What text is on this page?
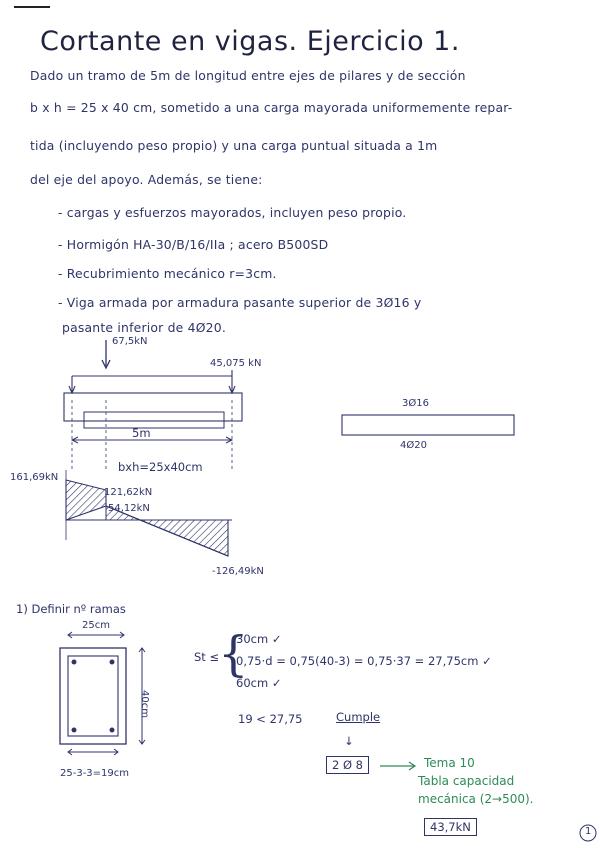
Cortante en vigas. Ejercicio 1.
Dado un tramo de 5m de longitud entre ejes de pilares y de sección
b x h = 25 x 40 cm, sometido a una carga mayorada uniformemente repar-
tida (incluyendo peso propio) y una carga puntual situada a 1m
del eje del apoyo. Además, se tiene:
- cargas y esfuerzos mayorados, incluyen peso propio.
- Hormigón HA-30/B/16/IIa ; acero B500SD
- Recubrimiento mecánico r=3cm.
- Viga armada por armadura pasante superior de 3Ø16 y
pasante inferior de 4Ø20.
67,5kN
45,075 kN
5m
bxh=25x40cm
161,69kN
121,62kN
54,12kN
-126,49kN
3Ø16
4Ø20
1) Definir nº ramas
25cm
40cm
25-3-3=19cm
St ≤
{
30cm ✓
0,75·d = 0,75(40-3) = 0,75·37 = 27,75cm ✓
60cm ✓
19 < 27,75	Cumple
↓
2 Ø 8	Tema 10
Tabla capacidad
mecánica (2→500).
43,7kN	1
